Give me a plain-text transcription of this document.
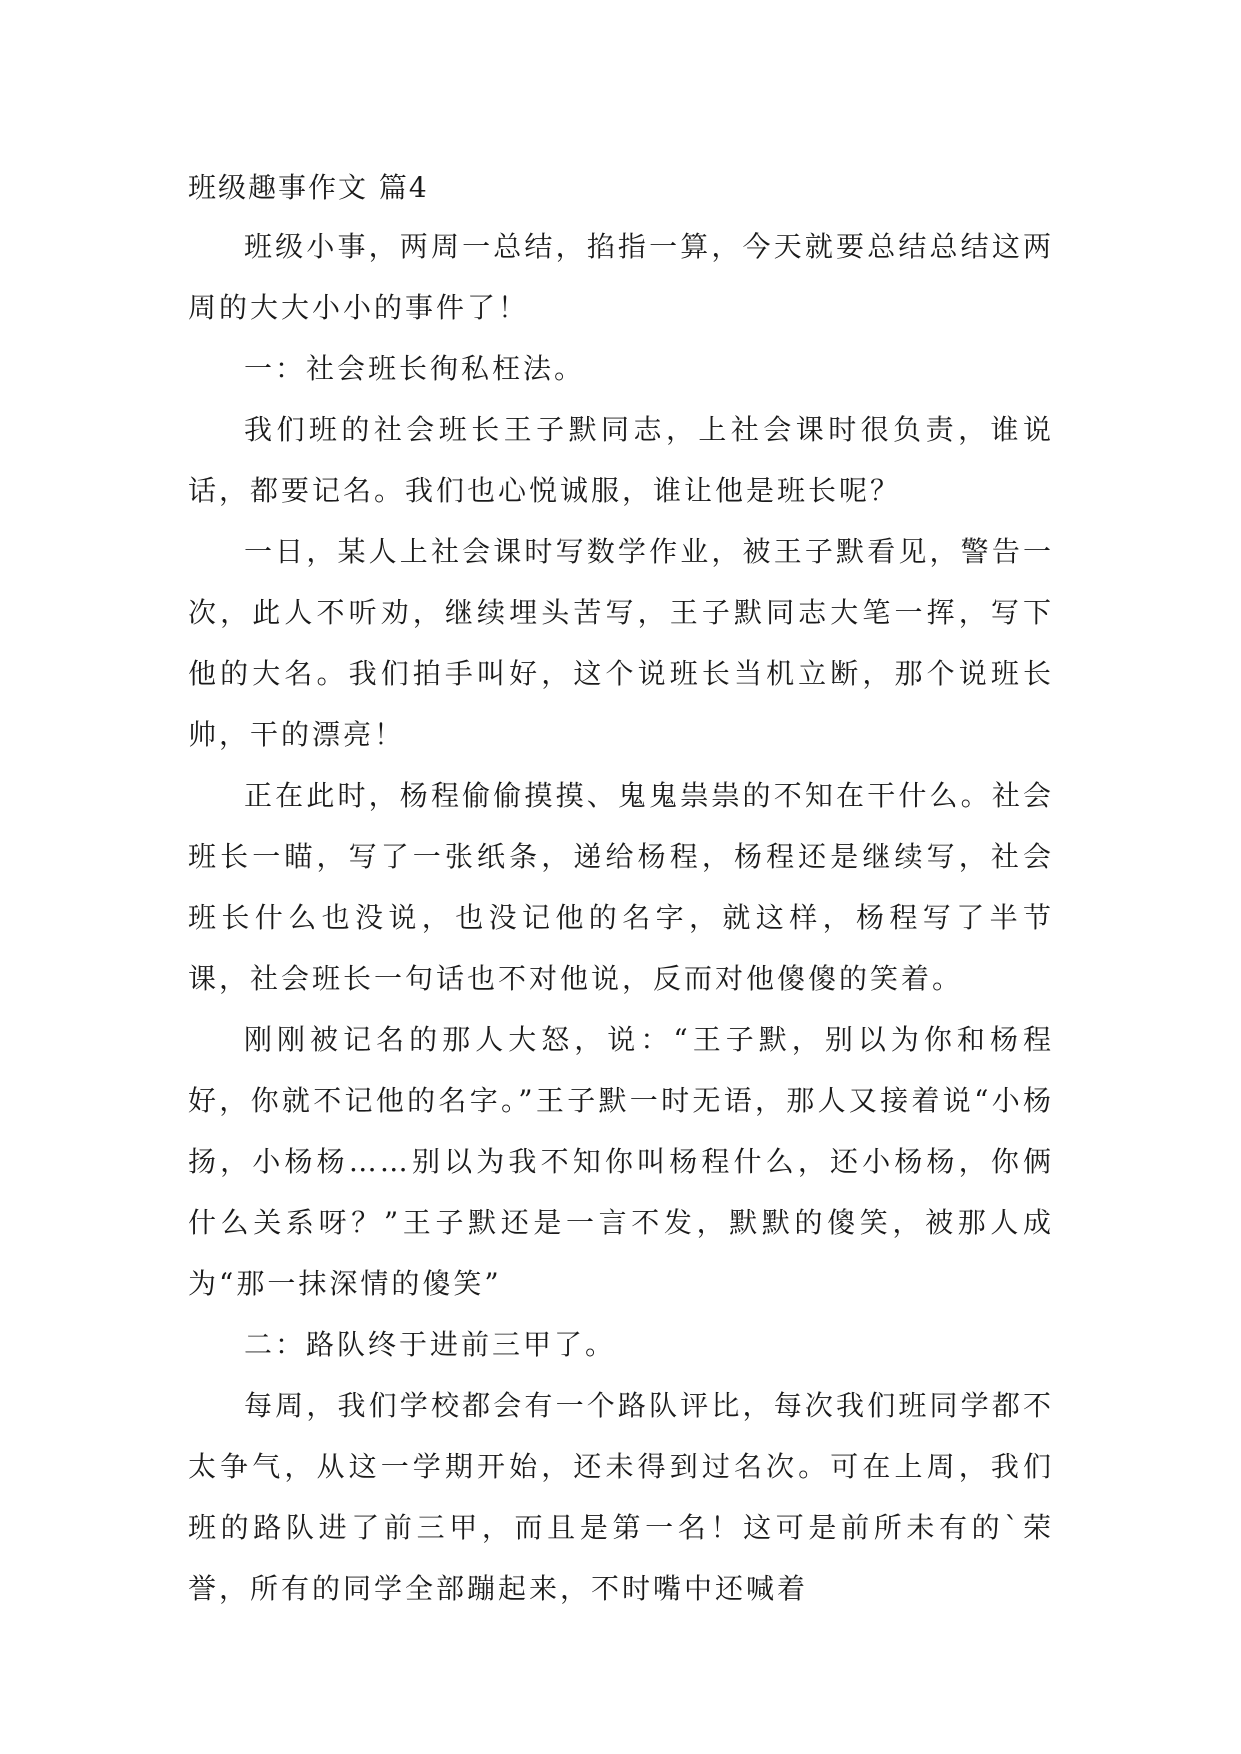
班级趣事作文 篇4

班级小事，两周一总结，掐指一算，今天就要总结总结这两周的大大小小的事件了！

一：社会班长徇私枉法。

我们班的社会班长王子默同志，上社会课时很负责，谁说话，都要记名。我们也心悦诚服，谁让他是班长呢？

一日，某人上社会课时写数学作业，被王子默看见，警告一次，此人不听劝，继续埋头苦写，王子默同志大笔一挥，写下他的大名。我们拍手叫好，这个说班长当机立断，那个说班长帅，干的漂亮！

正在此时，杨程偷偷摸摸、鬼鬼祟祟的不知在干什么。社会班长一瞄，写了一张纸条，递给杨程，杨程还是继续写，社会班长什么也没说，也没记他的名字，就这样，杨程写了半节课，社会班长一句话也不对他说，反而对他傻傻的笑着。

刚刚被记名的那人大怒，说：“王子默，别以为你和杨程好，你就不记他的名字。”王子默一时无语，那人又接着说“小杨扬，小杨杨……别以为我不知你叫杨程什么，还小杨杨，你俩什么关系呀？”王子默还是一言不发，默默的傻笑，被那人成为“那一抹深情的傻笑”

二：路队终于进前三甲了。

每周，我们学校都会有一个路队评比，每次我们班同学都不太争气，从这一学期开始，还未得到过名次。可在上周，我们班的路队进了前三甲，而且是第一名！这可是前所未有的`荣誉，所有的同学全部蹦起来，不时嘴中还喊着
